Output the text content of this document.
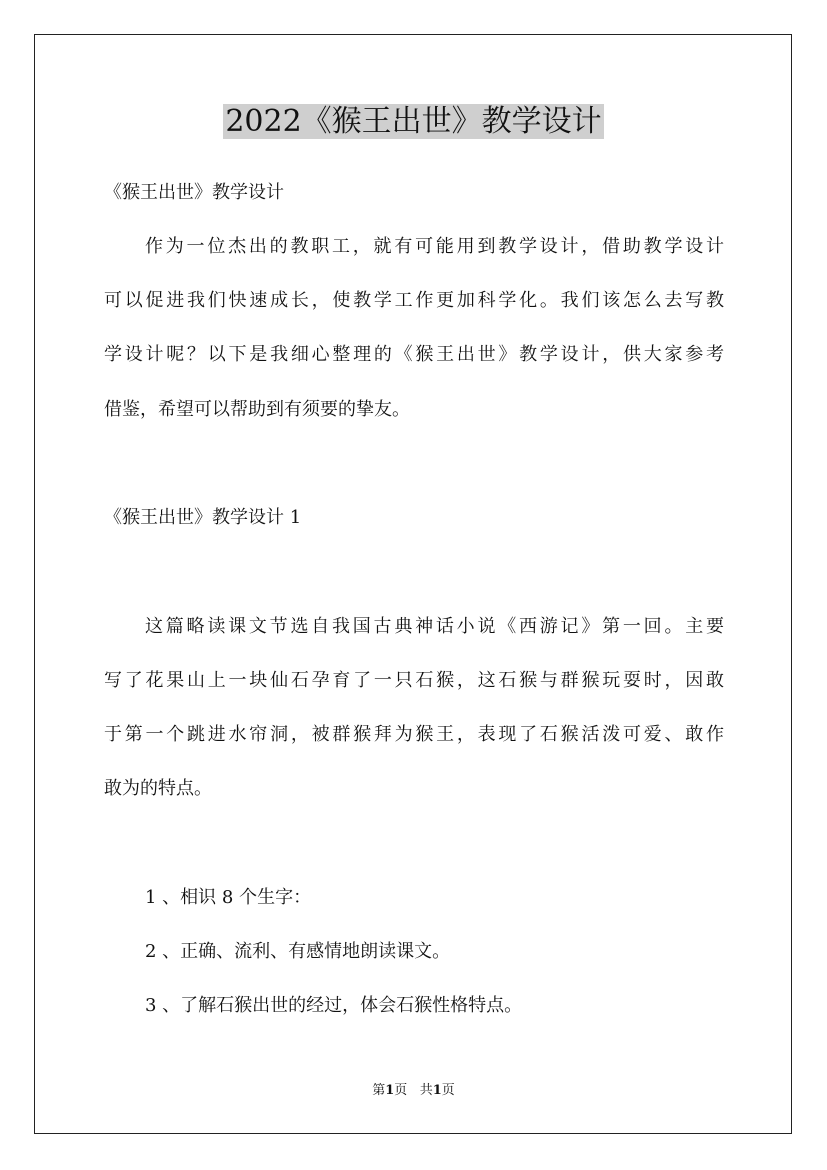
2022《猴王出世》教学设计
《猴王出世》教学设计
作为一位杰出的教职工，就有可能用到教学设计，借助教学设计
可以促进我们快速成长，使教学工作更加科学化。我们该怎么去写教
学设计呢？以下是我细心整理的《猴王出世》教学设计，供大家参考
借鉴，希望可以帮助到有须要的挚友。
《猴王出世》教学设计 1
这篇略读课文节选自我国古典神话小说《西游记》第一回。主要
写了花果山上一块仙石孕育了一只石猴，这石猴与群猴玩耍时，因敢
于第一个跳进水帘洞，被群猴拜为猴王，表现了石猴活泼可爱、敢作
敢为的特点。
1 、相识 8 个生字：
2 、正确、流利、有感情地朗读课文。
3 、了解石猴出世的经过，体会石猴性格特点。
第1页   共1页
